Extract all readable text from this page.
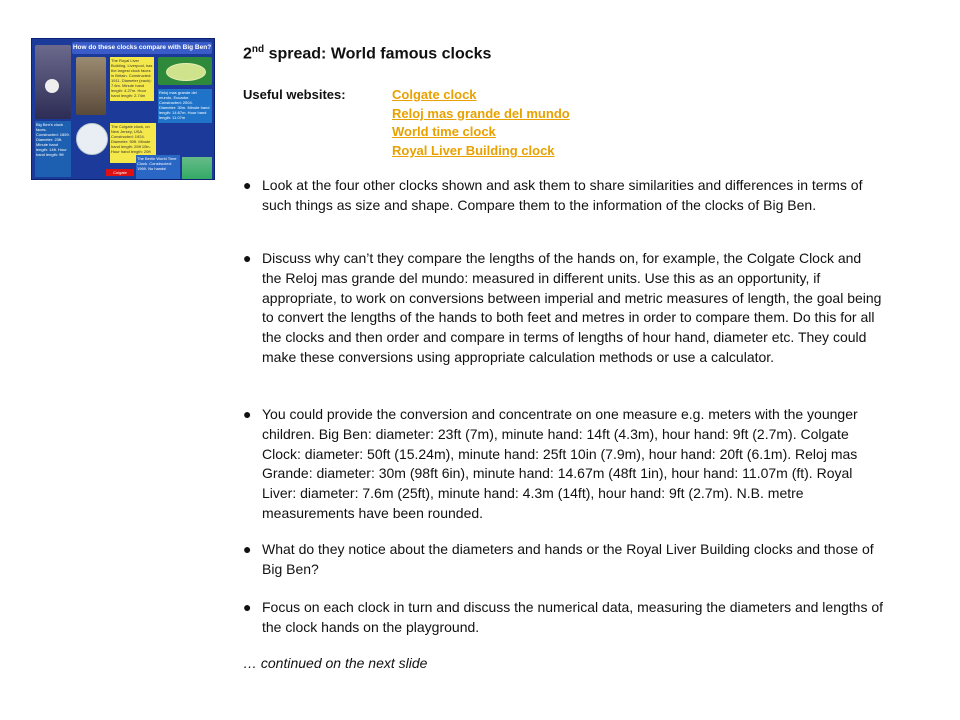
How do these clocks compare with Big Ben?
The Royal Liver Building, Liverpool, has the largest clock faces in Britain. Constructed: 1911. Diameter (each): 7.6m. Minute hand length: 4.27m. Hour hand length: 2.74m
Reloj mas grande del mundo, Ecuador. Constructed: 2004. Diameter: 30m. Minute hand length: 14.67m. Hour hand length: 11.07m
Big Ben's clock faces. Constructed: 1859. Diameter: 23ft. Minute hand length: 14ft. Hour hand length: 9ft
The Colgate clock, on New Jersey, USA. Constructed: 1924. Diameter: 50ft. Minute hand length: 25ft 10in. Hour hand length: 20ft
Colgate
The Berlin World Time Clock. Constructed: 1969. No hands!
2nd spread: World famous clocks
Useful websites:	Colgate clock
Reloj mas grande del mundo
World time clock
Royal Liver Building clock
● Look at the four other clocks shown and ask them to share similarities and differences in terms of such things as size and shape. Compare them to the information of the clocks of Big Ben.
● Discuss why can’t they compare the lengths of the hands on, for example, the Colgate Clock and the Reloj mas grande del mundo: measured in different units. Use this as an opportunity, if appropriate, to work on conversions between imperial and metric measures of length, the goal being to convert the lengths of the hands to both feet and metres in order to compare them. Do this for all the clocks and then order and compare in terms of lengths of hour hand, diameter etc. They could make these conversions using appropriate calculation methods or use a calculator.
● You could provide the conversion and concentrate on one measure e.g. meters with the younger children. Big Ben: diameter: 23ft (7m), minute hand: 14ft (4.3m), hour hand: 9ft (2.7m). Colgate Clock: diameter: 50ft (15.24m), minute hand: 25ft 10in (7.9m), hour hand: 20ft (6.1m). Reloj mas Grande: diameter: 30m (98ft 6in), minute hand: 14.67m (48ft 1in), hour hand: 11.07m (ft). Royal Liver: diameter: 7.6m (25ft), minute hand: 4.3m (14ft), hour hand: 9ft (2.7m). N.B. metre measurements have been rounded.
● What do they notice about the diameters and hands or the Royal Liver Building clocks and those of Big Ben?
● Focus on each clock in turn and discuss the numerical data, measuring the diameters and lengths of the clock hands on the playground.
… continued on the next slide
